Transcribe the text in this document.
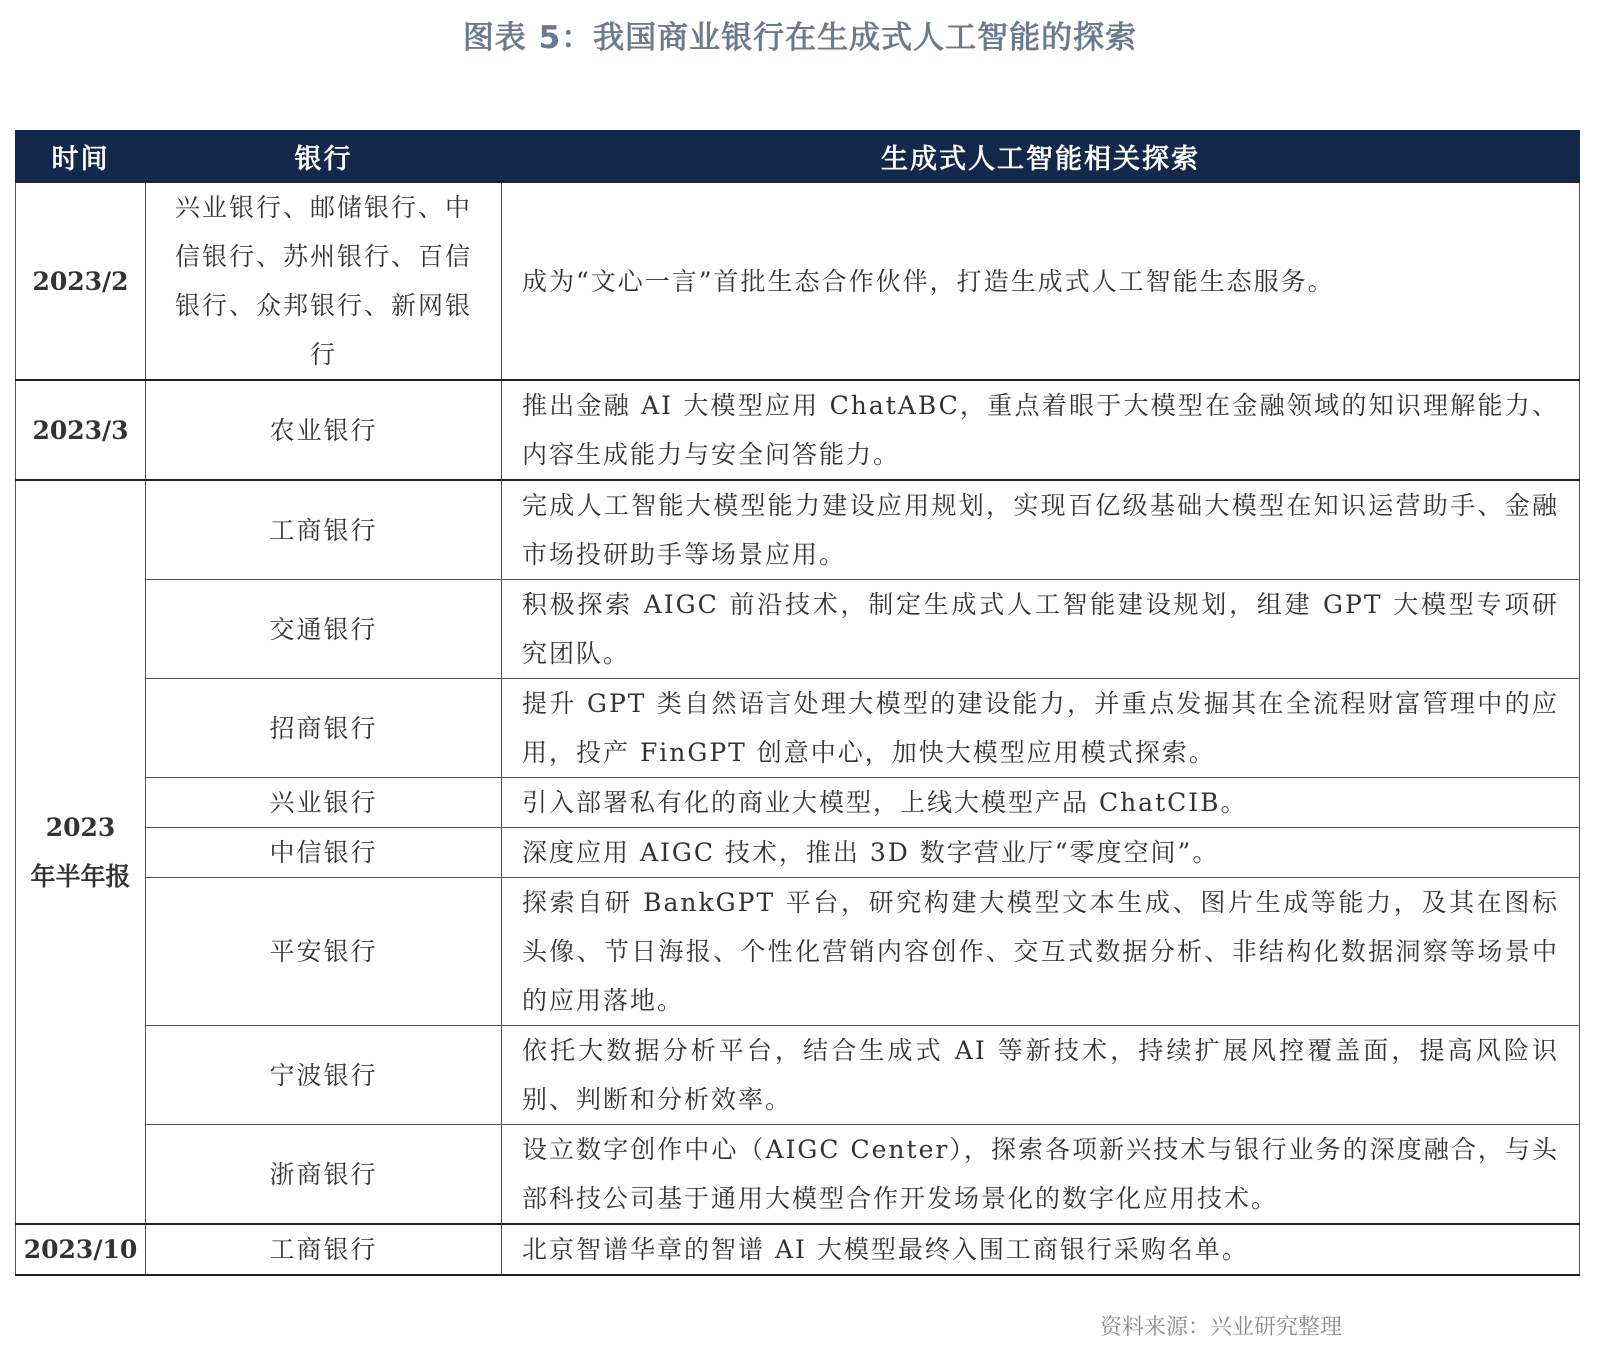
图表 5：我国商业银行在生成式人工智能的探索
时间	银行	生成式人工智能相关探索
2023/2	兴业银行、邮储银行、中信银行、苏州银行、百信银行、众邦银行、新网银行	成为“文心一言”首批生态合作伙伴，打造生成式人工智能生态服务。
2023/3	农业银行	推出金融 AI 大模型应用 ChatABC，重点着眼于大模型在金融领域的知识理解能力、内容生成能力与安全问答能力。
2023 年半年报	工商银行	完成人工智能大模型能力建设应用规划，实现百亿级基础大模型在知识运营助手、金融市场投研助手等场景应用。
	交通银行	积极探索 AIGC 前沿技术，制定生成式人工智能建设规划，组建 GPT 大模型专项研究团队。
	招商银行	提升 GPT 类自然语言处理大模型的建设能力，并重点发掘其在全流程财富管理中的应用，投产 FinGPT 创意中心，加快大模型应用模式探索。
	兴业银行	引入部署私有化的商业大模型，上线大模型产品 ChatCIB。
	中信银行	深度应用 AIGC 技术，推出 3D 数字营业厅“零度空间”。
	平安银行	探索自研 BankGPT 平台，研究构建大模型文本生成、图片生成等能力，及其在图标头像、节日海报、个性化营销内容创作、交互式数据分析、非结构化数据洞察等场景中的应用落地。
	宁波银行	依托大数据分析平台，结合生成式 AI 等新技术，持续扩展风控覆盖面，提高风险识别、判断和分析效率。
	浙商银行	设立数字创作中心（AIGC Center），探索各项新兴技术与银行业务的深度融合，与头部科技公司基于通用大模型合作开发场景化的数字化应用技术。
2023/10	工商银行	北京智谱华章的智谱 AI 大模型最终入围工商银行采购名单。
资料来源：兴业研究整理
